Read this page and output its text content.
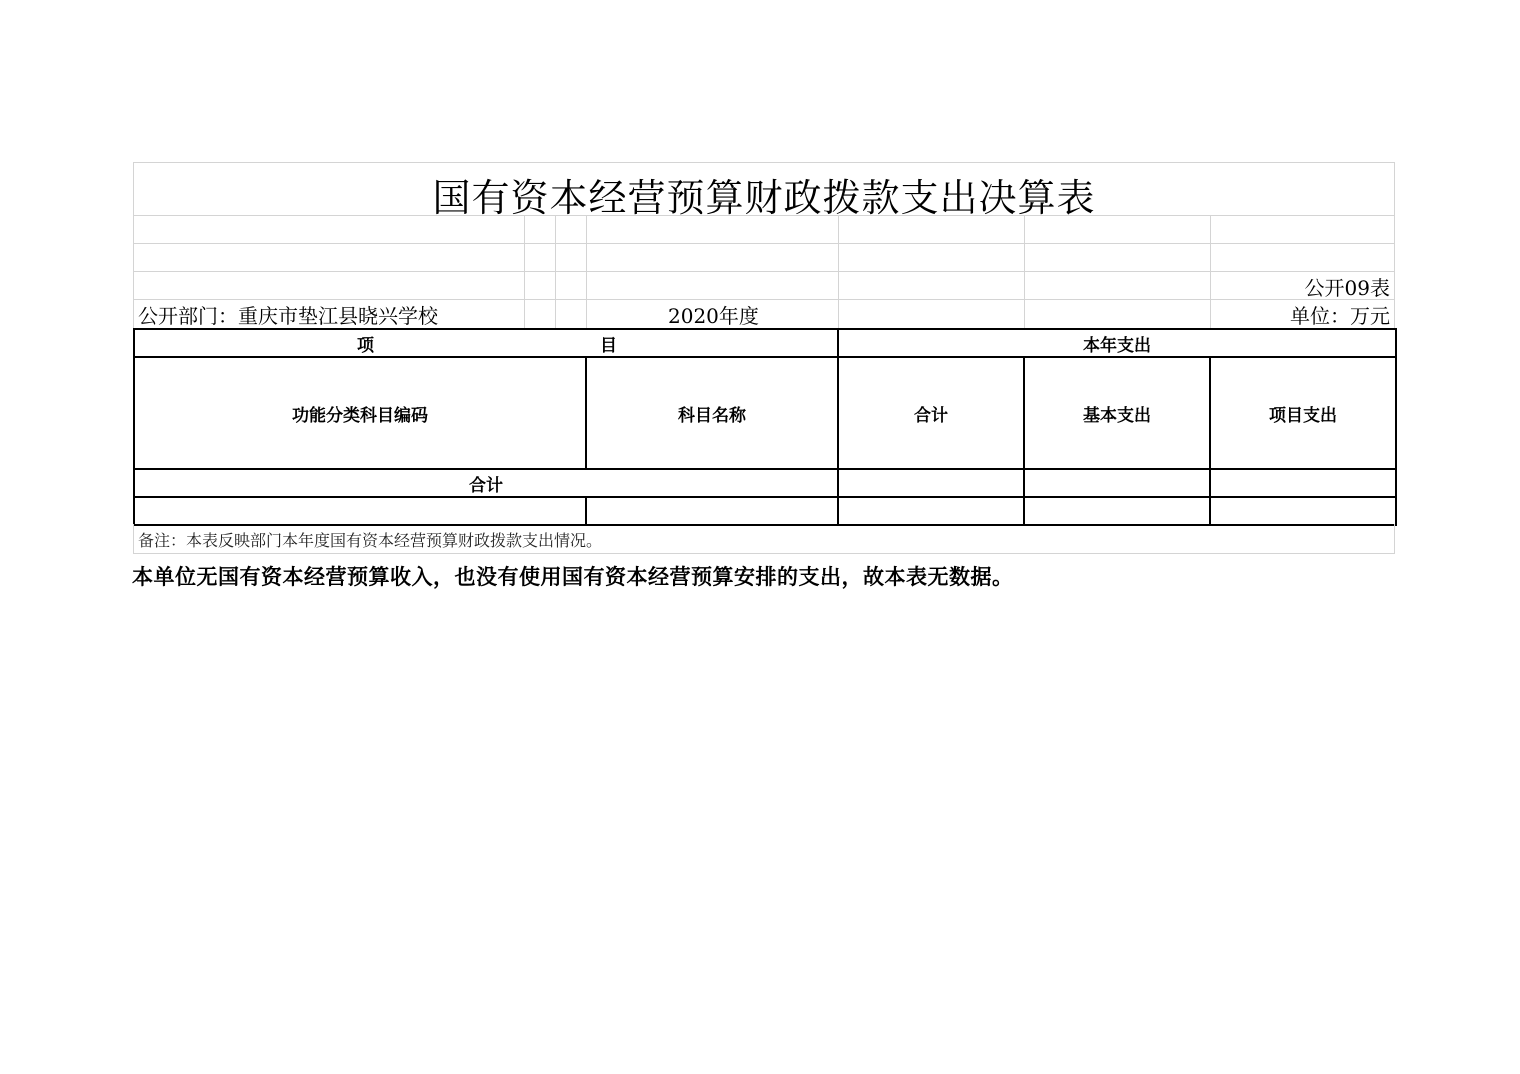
国有资本经营预算财政拨款支出决算表
公开09表
公开部门：重庆市垫江县晓兴学校	2020年度	单位：万元
项 目		本年支出		
功能分类科目编码	科目名称	合计	基本支出	项目支出
合计				

备注：本表反映部门本年度国有资本经营预算财政拨款支出情况。
本单位无国有资本经营预算收入，也没有使用国有资本经营预算安排的支出，故本表无数据。
